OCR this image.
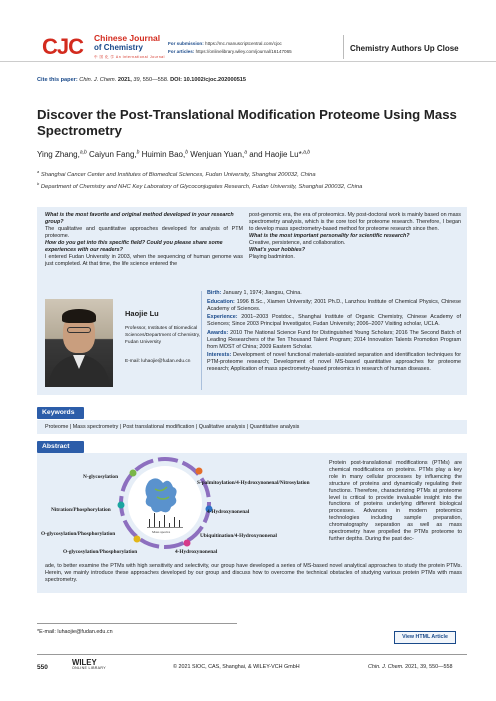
CJC Chinese Journal
of Chemistry
中 国 化 学 An International Journal
For submission: https://mc.manuscriptcentral.com/cjoc
For articles: https://onlinelibrary.wiley.com/journal/16147065	Chemistry Authors Up Close
Cite this paper: Chin. J. Chem. 2021, 39, 550—558. DOI: 10.1002/cjoc.202000515
Discover the Post-Translational Modification Proteome Using Mass Spectrometry
Ying Zhang,$^{a,b}$ Caiyun Fang,$^b$ Huimin Bao,$^b$ Wenjuan Yuan,$^a$ and Haojie Lu*$^{,a,b}$
$^a$ Shanghai Cancer Center and Institutes of Biomedical Sciences, Fudan University, Shanghai 200032, China
$^b$ Department of Chemistry and NHC Key Laboratory of Glycoconjugates Research, Fudan University, Shanghai 200032, China

What is the most favorite and original method developed in your research group?

The qualitative and quantitative approaches developed for analysis of PTM proteome.

How do you get into this specific field? Could you please share some experiences with our readers?

I entered Fudan University in 2003, when the sequencing of human genome was just completed. At that time, the life science entered the

post-genomic era, the era of proteomics. My post-doctoral work is mainly based on mass spectrometry analysis, which is the core tool for proteome research. Therefore, I began to develop mass spectrometry-based method for proteome research since then.

What is the most important personality for scientific research?

Creative, persistence, and collaboration.

What's your hobbies?

Playing badminton.

Haojie Lu
Professor, Institutes of Biomedical Sciences/Department of Chemistry, Fudan University
E-mail: luhaojie@fudan.edu.cn

Birth: January 1, 1974; Jiangsu, China.

Education: 1996 B.Sc., Xiamen University; 2001 Ph.D., Lanzhou Institute of Chemical Physics, Chinese Academy of Sciences.

Experience: 2001–2003 Postdoc., Shanghai Institute of Organic Chemistry, Chinese Academy of Sciences; Since 2003 Principal Investigator, Fudan University; 2006–2007 Visiting scholar, UCLA.

Awards: 2010 The National Science Fund for Distinguished Young Scholars; 2016 The Second Batch of Leading Researchers of the Ten Thousand Talent Program; 2014 Innovation Talents Promotion Program from MOST of China; 2009 Eastern Scholar.

Interests: Development of novel functional materials-assisted separation and identification techniques for PTM-proteome research; Development of novel MS-based quantitative approaches for proteome research; Application of mass spectrometry-based proteomics in research of human diseases.

Keywords
Proteome | Mass spectrometry | Post translational modification | Qualitative analysis | Quantitative analysis
Abstract
Mass spectra
N-glycosylation
Nitration/Phosphorylation
O-glycosylation/Phosphorylation
O-glycosylation/Phosphorylation
S-palmitoylation/4-Hydroxynonenal/Nitrosylation
4-Hydroxynonenal
Ubiquitination/4-Hydroxynonenal
4-Hydroxynonenal
Protein post-translational modifications (PTMs) are chemical modifications on proteins. PTMs play a key role in many cellular processes by influencing the structure of proteins and dynamically regulating their functions. Therefore, characterizing PTMs at proteome level is critical to provide invaluable insight into the functions of proteins underlying different biological processes. Advances in modern proteomics technologies including sample preparation, chromatography separation as well as mass spectrometry have propelled the PTMs proteome to further depths. During the past dec-
ade, to better examine the PTMs with high sensitivity and selectivity, our group have developed a series of MS-based novel analytical approaches to study the protein PTMs. Herein, we mainly introduce these approaches developed by our group and discuss how to overcome the technical obstacles of studying various protein PTMs with mass spectrometry.
*E-mail: luhaojie@fudan.edu.cn
View HTML Article
550
WILEY
ONLINE LIBRARY	© 2021 SIOC, CAS, Shanghai, & WILEY-VCH GmbH	Chin. J. Chem. 2021, 39, 550—558
